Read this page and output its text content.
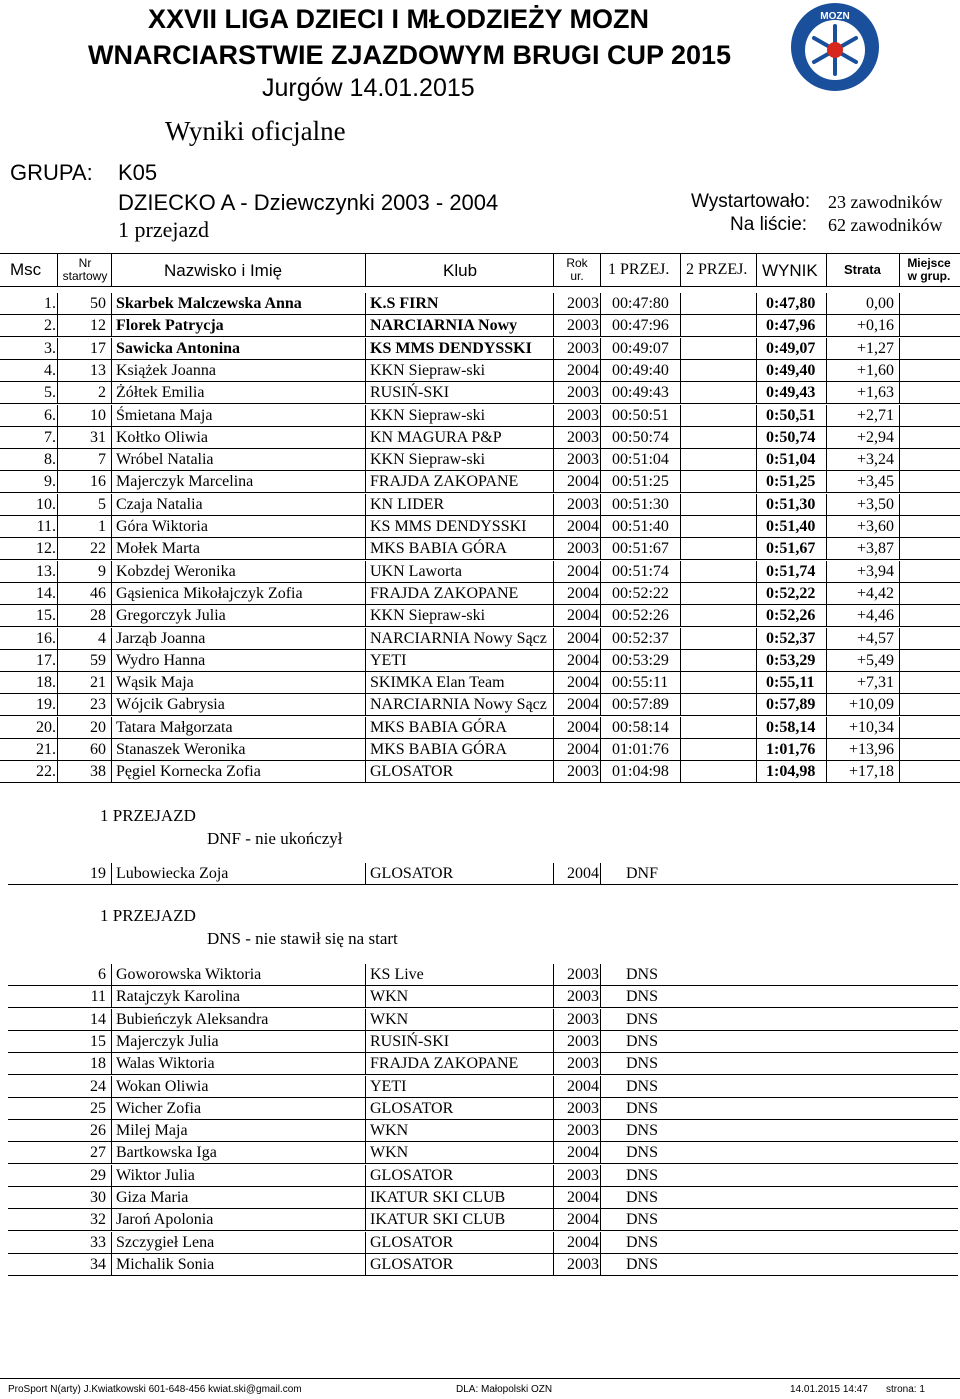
XXVII LIGA DZIECI I MŁODZIEŻY MOZN
WNARCIARSTWIE ZJAZDOWYM BRUGI CUP 2015
Jurgów 14.01.2015
Wyniki oficjalne
GRUPA: K05
DZIECKO A - Dziewczynki 2003 - 2004
1 przejazd
Wystartowało:
Na liście:
23 zawodników
62 zawodników
MOZN
Msc	Nr
startowy	Nazwisko i Imię	Klub	Rok
ur.	1 PRZEJ. 2 PRZEJ. WYNIK Strata	Miejsce
w grup.
1.	50 Skarbek Malczewska Anna	K.S FIRN	2003 00:47:80	0:47,80	0,00
2.	12 Florek Patrycja	NARCIARNIA Nowy	2003 00:47:96	0:47,96	+0,16
3.	17 Sawicka Antonina	KS MMS DENDYSSKI 2003 00:49:07	0:49,07	+1,27
4.	13 Książek Joanna	KKN Siepraw-ski	2004 00:49:40	0:49,40	+1,60
5.	2 Żółtek Emilia	RUSIŃ-SKI	2003 00:49:43	0:49,43	+1,63
6.	10 Śmietana Maja	KKN Siepraw-ski	2003 00:50:51	0:50,51	+2,71
7.	31 Kołtko Oliwia	KN MAGURA P&P	2003 00:50:74	0:50,74	+2,94
8.	7 Wróbel Natalia	KKN Siepraw-ski	2003 00:51:04	0:51,04	+3,24
9.	16 Majerczyk Marcelina	FRAJDA ZAKOPANE	2004 00:51:25	0:51,25	+3,45
10.	5 Czaja Natalia	KN LIDER	2003 00:51:30	0:51,30	+3,50
11.	1 Góra Wiktoria	KS MMS DENDYSSKI	2004 00:51:40	0:51,40	+3,60
12.	22 Mołek Marta	MKS BABIA GÓRA	2003 00:51:67	0:51,67	+3,87
13.	9 Kobzdej Weronika	UKN Laworta	2004 00:51:74	0:51,74	+3,94
14.	46 Gąsienica Mikołajczyk Zofia	FRAJDA ZAKOPANE	2004 00:52:22	0:52,22	+4,42
15.	28 Gregorczyk Julia	KKN Siepraw-ski	2004 00:52:26	0:52,26	+4,46
16.	4 Jarząb Joanna	NARCIARNIA Nowy Sącz 2004 00:52:37	0:52,37	+4,57
17.	59 Wydro Hanna	YETI	2004 00:53:29	0:53,29	+5,49
18.	21 Wąsik Maja	SKIMKA Elan Team	2004 00:55:11	0:55,11	+7,31
19.	23 Wójcik Gabrysia	NARCIARNIA Nowy Sącz 2004 00:57:89	0:57,89	+10,09
20.	20 Tatara Małgorzata	MKS BABIA GÓRA	2004 00:58:14	0:58,14	+10,34
21.	60 Stanaszek Weronika	MKS BABIA GÓRA	2004 01:01:76	1:01,76	+13,96
22.	38 Pęgiel Kornecka Zofia	GLOSATOR	2003 01:04:98	1:04,98	+17,18
1 PRZEJAZD
DNF - nie ukończył
19 Lubowiecka Zoja	GLOSATOR	2004 DNF
1 PRZEJAZD
DNS - nie stawił się na start
6 Goworowska Wiktoria	KS Live	2003 DNS
11 Ratajczyk Karolina	WKN	2003 DNS
14 Bubieńczyk Aleksandra	WKN	2003 DNS
15 Majerczyk Julia	RUSIŃ-SKI	2003 DNS
18 Walas Wiktoria	FRAJDA ZAKOPANE	2003 DNS
24 Wokan Oliwia	YETI	2004 DNS
25 Wicher Zofia	GLOSATOR	2003 DNS
26 Milej Maja	WKN	2003 DNS
27 Bartkowska Iga	WKN	2004 DNS
29 Wiktor Julia	GLOSATOR	2003 DNS
30 Giza Maria	IKATUR SKI CLUB	2004 DNS
32 Jaroń Apolonia	IKATUR SKI CLUB	2004 DNS
33 Szczygieł Lena	GLOSATOR	2004 DNS
34 Michalik Sonia	GLOSATOR	2003 DNS
ProSport N(arty) J.Kwiatkowski 601-648-456 kwiat.ski@gmail.com	DLA: Małopolski OZN	14.01.2015 14:47 strona: 1
